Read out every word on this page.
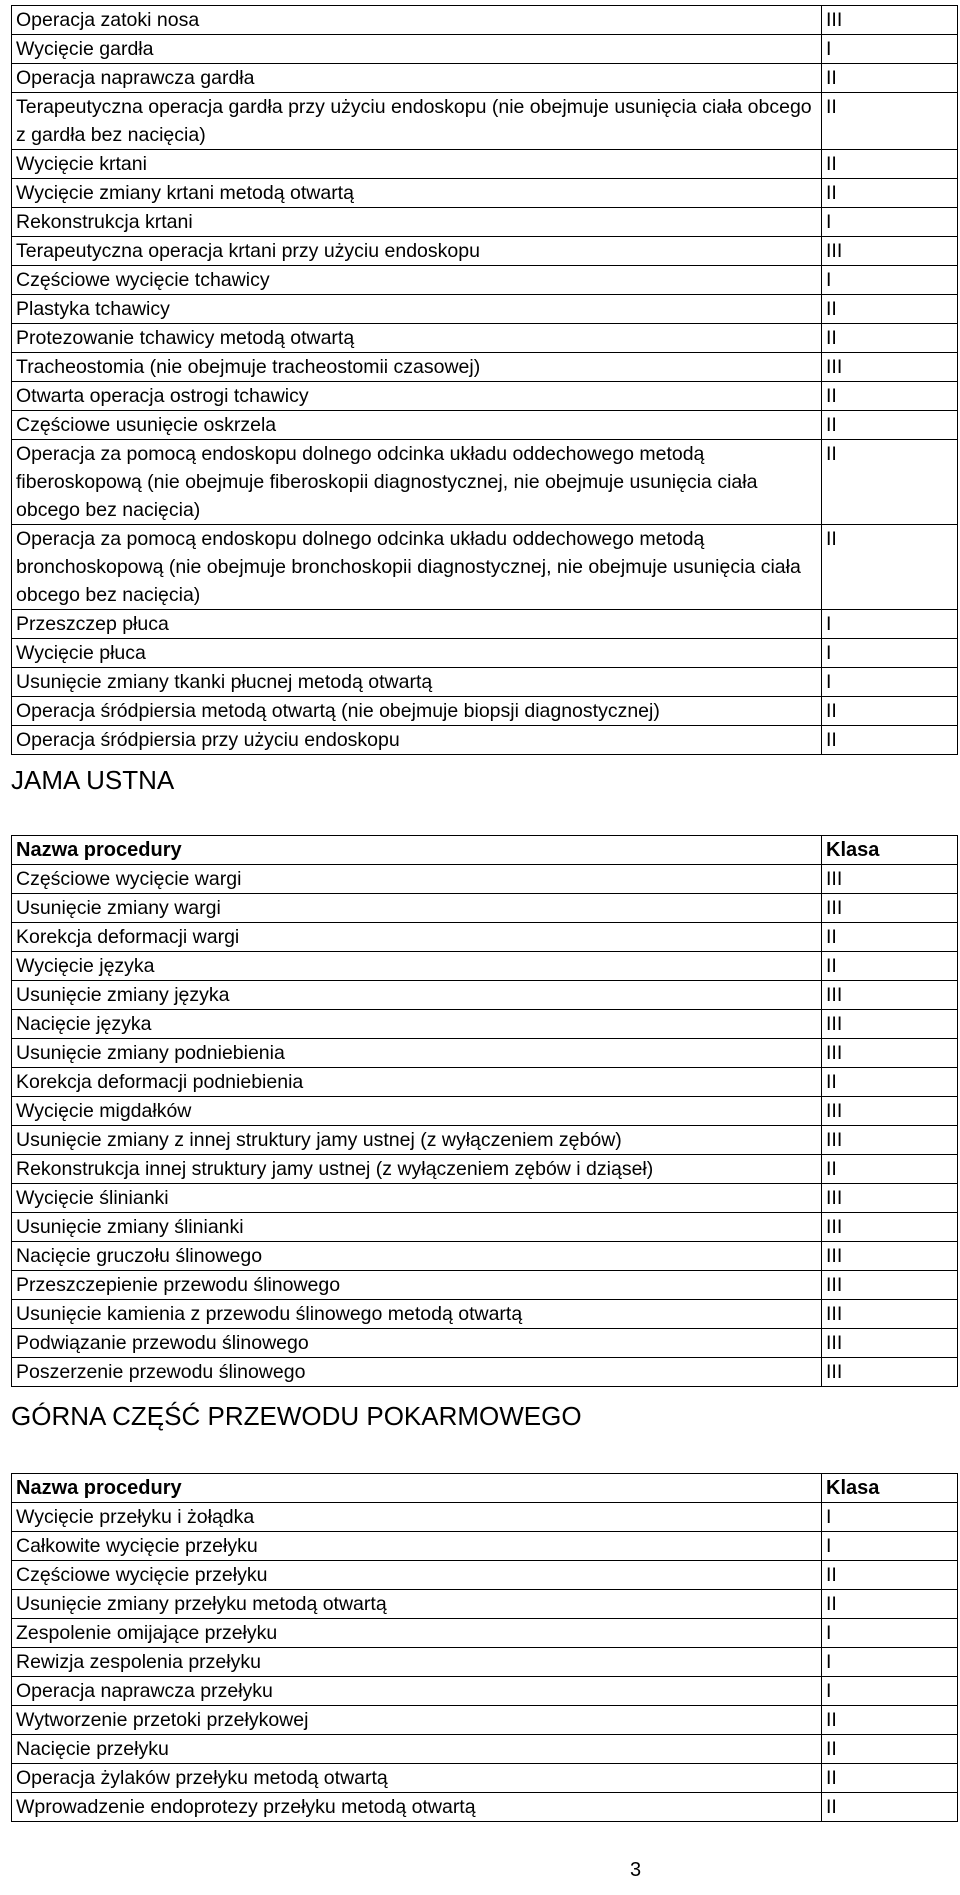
Operacja zatoki nosa	III
Wycięcie gardła	I
Operacja naprawcza gardła	II
Terapeutyczna operacja gardła przy użyciu endoskopu (nie obejmuje usunięcia ciała obcego z gardła bez nacięcia)	II
Wycięcie krtani	II
Wycięcie zmiany krtani metodą otwartą	II
Rekonstrukcja krtani	I
Terapeutyczna operacja krtani przy użyciu endoskopu	III
Częściowe wycięcie tchawicy	I
Plastyka tchawicy	II
Protezowanie tchawicy metodą otwartą	II
Tracheostomia (nie obejmuje tracheostomii czasowej)	III
Otwarta operacja ostrogi tchawicy	II
Częściowe usunięcie oskrzela	II
Operacja za pomocą endoskopu dolnego odcinka układu oddechowego metodą fiberoskopową (nie obejmuje fiberoskopii diagnostycznej, nie obejmuje usunięcia ciała obcego bez nacięcia)	II
Operacja za pomocą endoskopu dolnego odcinka układu oddechowego metodą bronchoskopową (nie obejmuje bronchoskopii diagnostycznej, nie obejmuje usunięcia ciała obcego bez nacięcia)	II
Przeszczep płuca	I
Wycięcie płuca	I
Usunięcie zmiany tkanki płucnej metodą otwartą	I
Operacja śródpiersia metodą otwartą (nie obejmuje biopsji diagnostycznej)	II
Operacja śródpiersia przy użyciu endoskopu	II
JAMA USTNA
Nazwa procedury	Klasa
Częściowe wycięcie wargi	III
Usunięcie zmiany wargi	III
Korekcja deformacji wargi	II
Wycięcie języka	II
Usunięcie zmiany języka	III
Nacięcie języka	III
Usunięcie zmiany podniebienia	III
Korekcja deformacji podniebienia	II
Wycięcie migdałków	III
Usunięcie zmiany z innej struktury jamy ustnej (z wyłączeniem zębów)	III
Rekonstrukcja innej struktury jamy ustnej (z wyłączeniem zębów i dziąseł)	II
Wycięcie ślinianki	III
Usunięcie zmiany ślinianki	III
Nacięcie gruczołu ślinowego	III
Przeszczepienie przewodu ślinowego	III
Usunięcie kamienia z przewodu ślinowego metodą otwartą	III
Podwiązanie przewodu ślinowego	III
Poszerzenie przewodu ślinowego	III
GÓRNA CZĘŚĆ PRZEWODU POKARMOWEGO
Nazwa procedury	Klasa
Wycięcie przełyku i żołądka	I
Całkowite wycięcie przełyku	I
Częściowe wycięcie przełyku	II
Usunięcie zmiany przełyku metodą otwartą	II
Zespolenie omijające przełyku	I
Rewizja zespolenia przełyku	I
Operacja naprawcza przełyku	I
Wytworzenie przetoki przełykowej	II
Nacięcie przełyku	II
Operacja żylaków przełyku metodą otwartą	II
Wprowadzenie endoprotezy przełyku metodą otwartą	II
3
